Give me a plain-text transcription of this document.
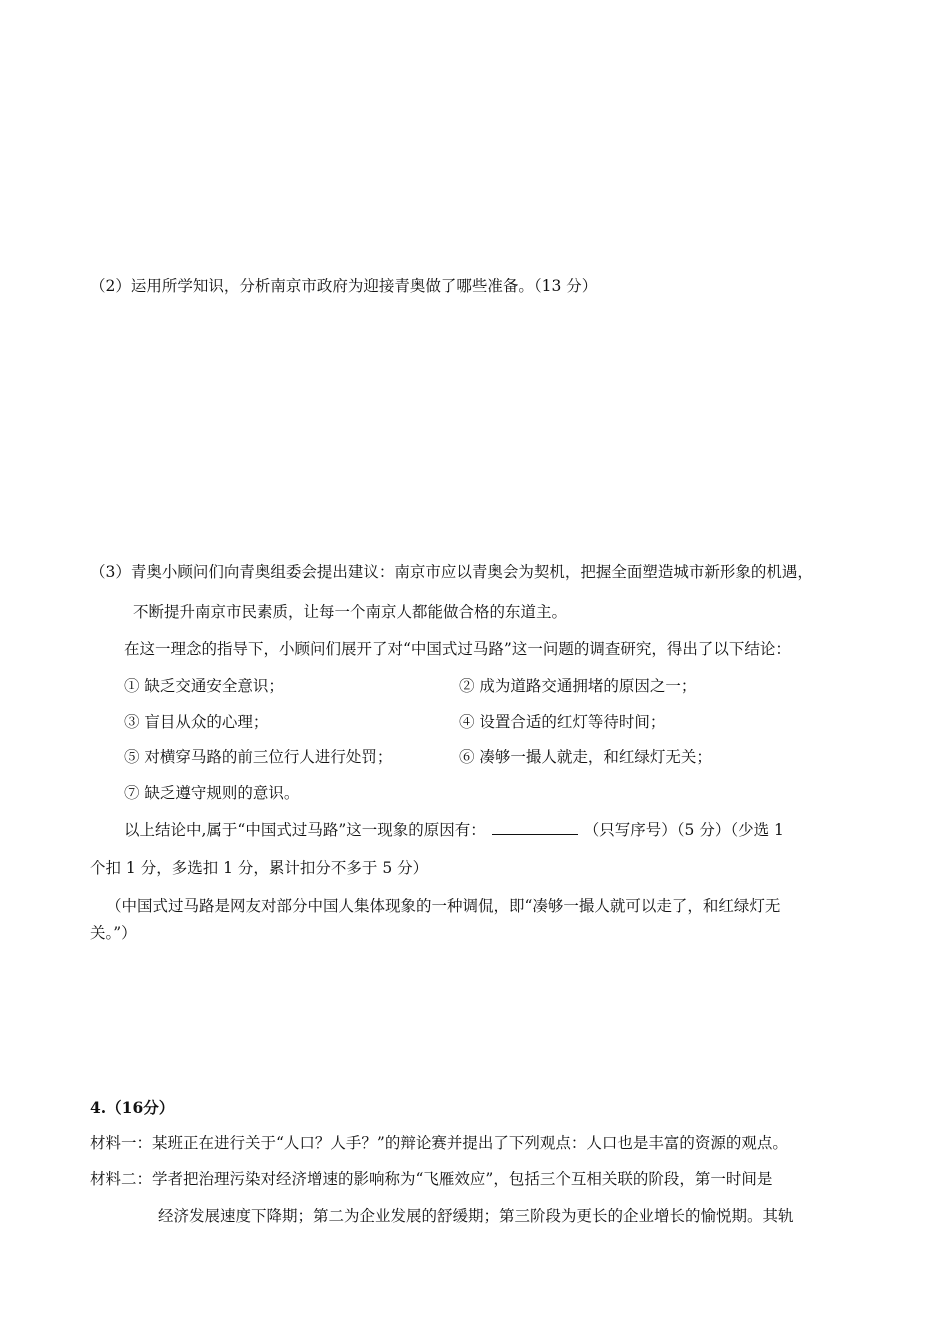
（2）运用所学知识，分析南京市政府为迎接青奥做了哪些准备。（13 分）
（3）青奥小顾问们向青奥组委会提出建议：南京市应以青奥会为契机，把握全面塑造城市新形象的机遇，
不断提升南京市民素质，让每一个南京人都能做合格的东道主。
在这一理念的指导下，小顾问们展开了对“中国式过马路”这一问题的调查研究，得出了以下结论：
① 缺乏交通安全意识；	② 成为道路交通拥堵的原因之一；
③ 盲目从众的心理；	④ 设置合适的红灯等待时间；
⑤ 对横穿马路的前三位行人进行处罚；	⑥ 凑够一撮人就走，和红绿灯无关；
⑦ 缺乏遵守规则的意识。
以上结论中,属于“中国式过马路”这一现象的原因有：	（只写序号）（5 分）（少选 1
个扣 1 分，多选扣 1 分，累计扣分不多于 5 分）
（中国式过马路是网友对部分中国人集体现象的一种调侃，即“凑够一撮人就可以走了，和红绿灯无
关。”）
4.（16分）
材料一：某班正在进行关于“人口？人手？”的辩论赛并提出了下列观点：人口也是丰富的资源的观点。
材料二：学者把治理污染对经济增速的影响称为“飞雁效应”，包括三个互相关联的阶段，第一时间是
经济发展速度下降期；第二为企业发展的舒缓期；第三阶段为更长的企业增长的愉悦期。其轨
